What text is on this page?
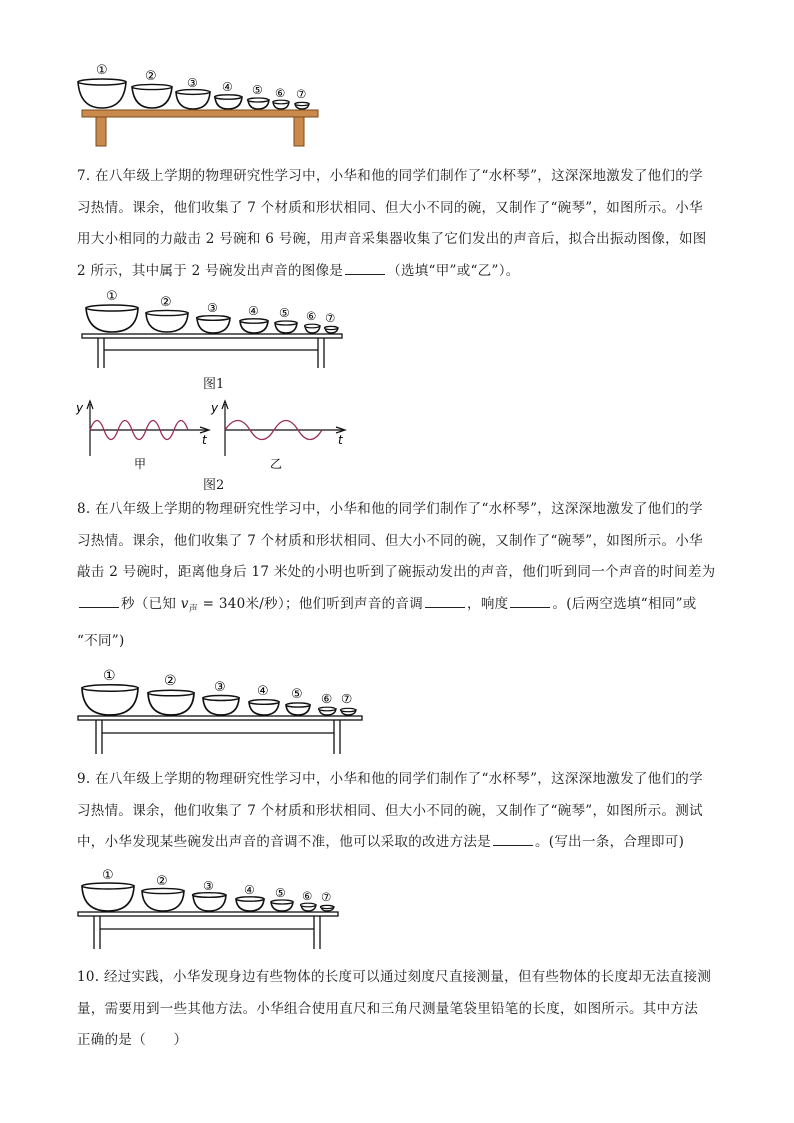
①	②	③ ④ ⑤ ⑥ ⑦

7. 在八年级上学期的物理研究性学习中，小华和他的同学们制作了“水杯琴”，这深深地激发了他们的学

习热情。课余，他们收集了 7 个材质和形状相同、但大小不同的碗，又制作了“碗琴”，如图所示。小华

用大小相同的力敲击 2 号碗和 6 号碗，用声音采集器收集了它们发出的声音后，拟合出振动图像，如图

2 所示，其中属于 2 号碗发出声音的图像是	（选填“甲”或“乙”）。

①	②	③	④ ⑤ ⑥ ⑦
图1
y
t
甲
y
t
乙
图2

8. 在八年级上学期的物理研究性学习中，小华和他的同学们制作了“水杯琴”，这深深地激发了他们的学

习热情。课余，他们收集了 7 个材质和形状相同、但大小不同的碗，又制作了“碗琴”，如图所示。小华

敲击 2 号碗时，距离他身后 17 米处的小明也听到了碗振动发出的声音，他们听到同一个声音的时间差为

秒（已知 $v_声 = 340$米/秒）；他们听到声音的音调	，响度	。(后两空选填“相同”或

“不同”)

①	②	③ ④ ⑤ ⑥ ⑦

9. 在八年级上学期的物理研究性学习中，小华和他的同学们制作了“水杯琴”，这深深地激发了他们的学

习热情。课余，他们收集了 7 个材质和形状相同、但大小不同的碗，又制作了“碗琴”，如图所示。测试

中，小华发现某些碗发出声音的音调不准，他可以采取的改进方法是	。(写出一条，合理即可)

①	②	③	④ ⑤ ⑥ ⑦

10. 经过实践，小华发现身边有些物体的长度可以通过刻度尺直接测量，但有些物体的长度却无法直接测

量，需要用到一些其他方法。小华组合使用直尺和三角尺测量笔袋里铅笔的长度，如图所示。其中方法

正确的是（　　）
